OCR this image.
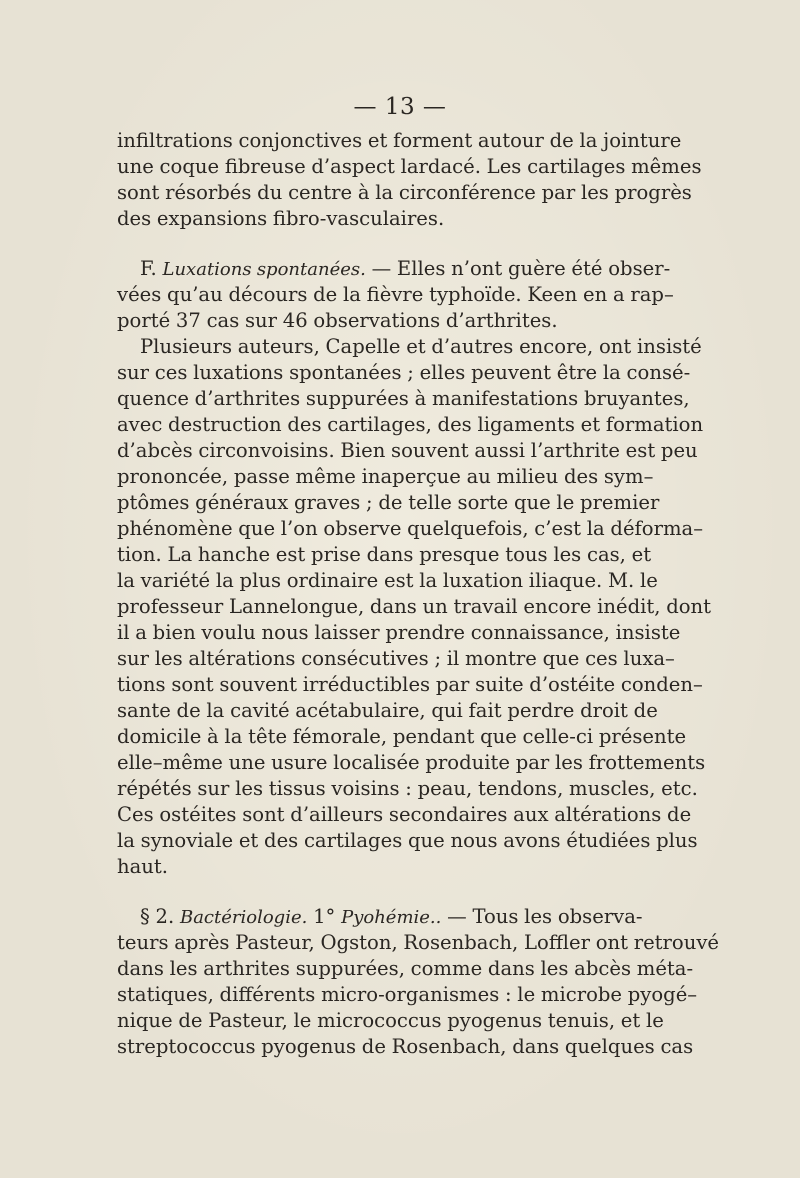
— 13 —
infiltrations conjonctives et forment autour de la jointure
une coque fibreuse d’aspect lardacé. Les cartilages mêmes
sont résorbés du centre à la circonférence par les progrès
des expansions fibro-vasculaires.
F. Luxations spontanées. — Elles n’ont guère été obser-
vées qu’au décours de la fièvre typhoïde. Keen en a rap–
porté 37 cas sur 46 observations d’arthrites.
Plusieurs auteurs, Capelle et d’autres encore, ont insisté
sur ces luxations spontanées ; elles peuvent être la consé-
quence d’arthrites suppurées à manifestations bruyantes,
avec destruction des cartilages, des ligaments et formation
d’abcès circonvoisins. Bien souvent aussi l’arthrite est peu
prononcée, passe même inaperçue au milieu des sym–
ptômes généraux graves ; de telle sorte que le premier
phénomène que l’on observe quelquefois, c’est la déforma–
tion. La hanche est prise dans presque tous les cas, et
la variété la plus ordinaire est la luxation iliaque. M. le
professeur Lannelongue, dans un travail encore inédit, dont
il a bien voulu nous laisser prendre connaissance, insiste
sur les altérations consécutives ; il montre que ces luxa–
tions sont souvent irréductibles par suite d’ostéite conden–
sante de la cavité acétabulaire, qui fait perdre droit de
domicile à la tête fémorale, pendant que celle-ci présente
elle–même une usure localisée produite par les frottements
répétés sur les tissus voisins : peau, tendons, muscles, etc.
Ces ostéites sont d’ailleurs secondaires aux altérations de
la synoviale et des cartilages que nous avons étudiées plus
haut.
§ 2. Bactériologie. 1° Pyohémie.. — Tous les observa-
teurs après Pasteur, Ogston, Rosenbach, Loffler ont retrouvé
dans les arthrites suppurées, comme dans les abcès méta-
statiques, différents micro-organismes : le microbe pyogé–
nique de Pasteur, le micrococcus pyogenus tenuis, et le
streptococcus pyogenus de Rosenbach, dans quelques cas
